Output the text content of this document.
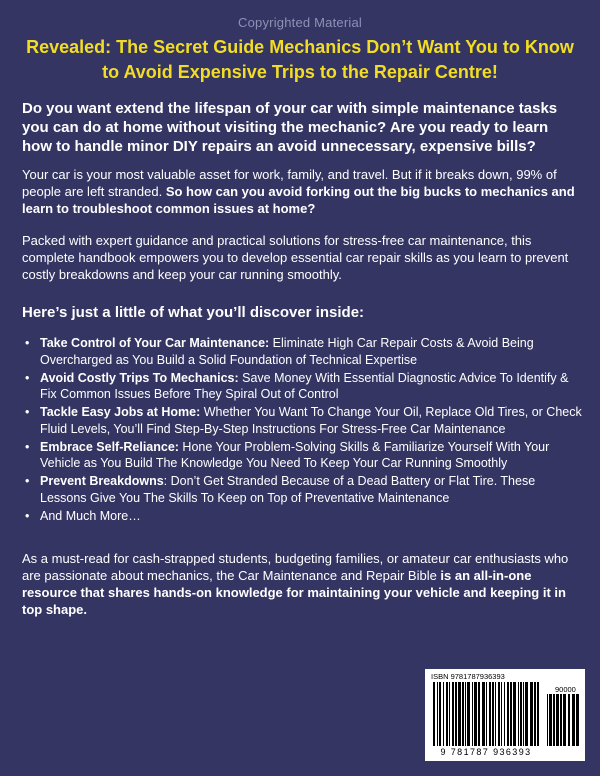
Copyrighted Material
Revealed: The Secret Guide Mechanics Don’t Want You to Know to Avoid Expensive Trips to the Repair Centre!
Do you want extend the lifespan of your car with simple maintenance tasks you can do at home without visiting the mechanic? Are you ready to learn how to handle minor DIY repairs an avoid unnecessary, expensive bills?
Your car is your most valuable asset for work, family, and travel. But if it breaks down, 99% of people are left stranded. So how can you avoid forking out the big bucks to mechanics and learn to troubleshoot common issues at home?
Packed with expert guidance and practical solutions for stress-free car maintenance, this complete handbook empowers you to develop essential car repair skills as you learn to prevent costly breakdowns and keep your car running smoothly.
Here’s just a little of what you’ll discover inside:
• Take Control of Your Car Maintenance: Eliminate High Car Repair Costs & Avoid Being Overcharged as You Build a Solid Foundation of Technical Expertise
• Avoid Costly Trips To Mechanics: Save Money With Essential Diagnostic Advice To Identify & Fix Common Issues Before They Spiral Out of Control
• Tackle Easy Jobs at Home: Whether You Want To Change Your Oil, Replace Old Tires, or Check Fluid Levels, You’ll Find Step-By-Step Instructions For Stress-Free Car Maintenance
• Embrace Self-Reliance: Hone Your Problem-Solving Skills & Familiarize Yourself With Your Vehicle as You Build The Knowledge You Need To Keep Your Car Running Smoothly
• Prevent Breakdowns: Don’t Get Stranded Because of a Dead Battery or Flat Tire. These Lessons Give You The Skills To Keep on Top of Preventative Maintenance
• And Much More…
As a must-read for cash-strapped students, budgeting families, or amateur car enthusiasts who are passionate about mechanics, the Car Maintenance and Repair Bible is an all-in-one resource that shares hands-on knowledge for maintaining your vehicle and keeping it in top shape.
ISBN 9781787936393
90000
9 781787 936393
